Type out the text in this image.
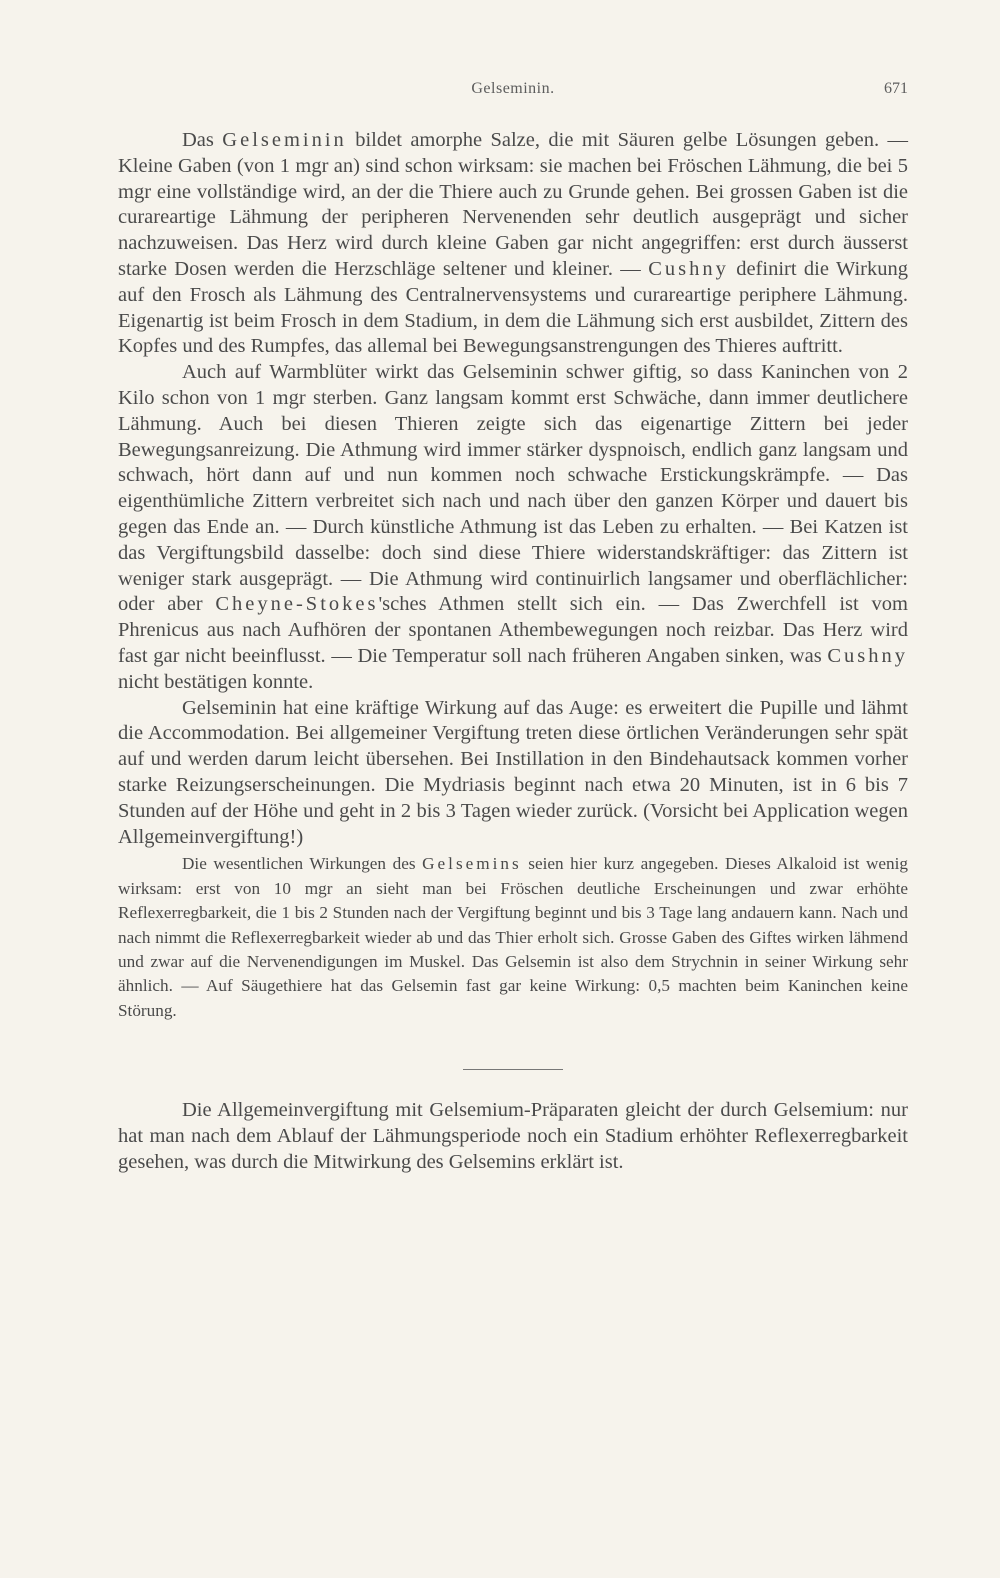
Gelseminin.	671

Das Gelseminin bildet amorphe Salze, die mit Säuren gelbe Lösungen geben. — Kleine Gaben (von 1 mgr an) sind schon wirksam: sie machen bei Fröschen Lähmung, die bei 5 mgr eine vollständige wird, an der die Thiere auch zu Grunde gehen. Bei grossen Gaben ist die curareartige Lähmung der peripheren Nervenenden sehr deutlich ausgeprägt und sicher nachzuweisen. Das Herz wird durch kleine Gaben gar nicht angegriffen: erst durch äusserst starke Dosen werden die Herzschläge seltener und kleiner. — Cushny definirt die Wirkung auf den Frosch als Lähmung des Centralnervensystems und curareartige periphere Lähmung. Eigenartig ist beim Frosch in dem Stadium, in dem die Lähmung sich erst ausbildet, Zittern des Kopfes und des Rumpfes, das allemal bei Bewegungsanstrengungen des Thieres auftritt.

Auch auf Warmblüter wirkt das Gelseminin schwer giftig, so dass Kaninchen von 2 Kilo schon von 1 mgr sterben. Ganz langsam kommt erst Schwäche, dann immer deutlichere Lähmung. Auch bei diesen Thieren zeigte sich das eigenartige Zittern bei jeder Bewegungsanreizung. Die Athmung wird immer stärker dyspnoisch, endlich ganz langsam und schwach, hört dann auf und nun kommen noch schwache Erstickungskrämpfe. — Das eigenthümliche Zittern verbreitet sich nach und nach über den ganzen Körper und dauert bis gegen das Ende an. — Durch künstliche Athmung ist das Leben zu erhalten. — Bei Katzen ist das Vergiftungsbild dasselbe: doch sind diese Thiere widerstandskräftiger: das Zittern ist weniger stark ausgeprägt. — Die Athmung wird continuirlich langsamer und oberflächlicher: oder aber Cheyne-Stokes'sches Athmen stellt sich ein. — Das Zwerchfell ist vom Phrenicus aus nach Aufhören der spontanen Athembewegungen noch reizbar. Das Herz wird fast gar nicht beeinflusst. — Die Temperatur soll nach früheren Angaben sinken, was Cushny nicht bestätigen konnte.

Gelseminin hat eine kräftige Wirkung auf das Auge: es erweitert die Pupille und lähmt die Accommodation. Bei allgemeiner Vergiftung treten diese örtlichen Veränderungen sehr spät auf und werden darum leicht übersehen. Bei Instillation in den Bindehautsack kommen vorher starke Reizungserscheinungen. Die Mydriasis beginnt nach etwa 20 Minuten, ist in 6 bis 7 Stunden auf der Höhe und geht in 2 bis 3 Tagen wieder zurück. (Vorsicht bei Application wegen Allgemeinvergiftung!)

Die wesentlichen Wirkungen des Gelsemins seien hier kurz angegeben. Dieses Alkaloid ist wenig wirksam: erst von 10 mgr an sieht man bei Fröschen deutliche Erscheinungen und zwar erhöhte Reflexerregbarkeit, die 1 bis 2 Stunden nach der Vergiftung beginnt und bis 3 Tage lang andauern kann. Nach und nach nimmt die Reflexerregbarkeit wieder ab und das Thier erholt sich. Grosse Gaben des Giftes wirken lähmend und zwar auf die Nervenendigungen im Muskel. Das Gelsemin ist also dem Strychnin in seiner Wirkung sehr ähnlich. — Auf Säugethiere hat das Gelsemin fast gar keine Wirkung: 0,5 machten beim Kaninchen keine Störung.

Die Allgemeinvergiftung mit Gelsemium-Präparaten gleicht der durch Gelsemium: nur hat man nach dem Ablauf der Lähmungsperiode noch ein Stadium erhöhter Reflexerregbarkeit gesehen, was durch die Mitwirkung des Gelsemins erklärt ist.
